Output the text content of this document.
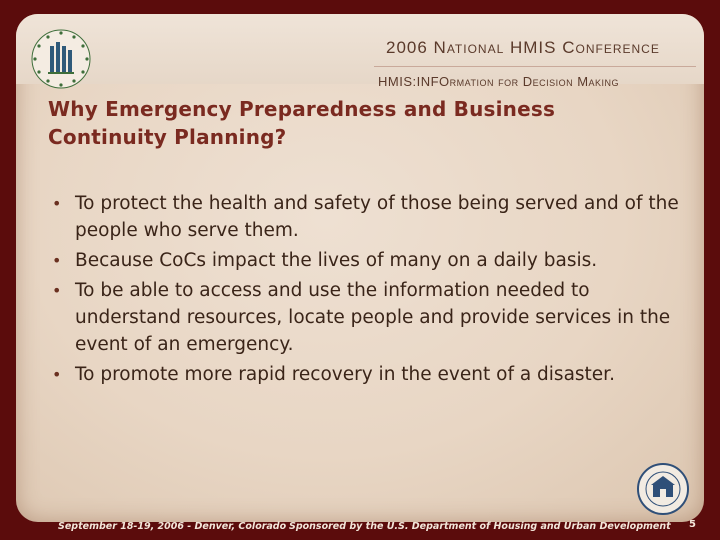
2006 National HMIS Conference
HMIS:INFOrmation for Decision Making
Why Emergency Preparedness and Business Continuity Planning?
• To protect the health and safety of those being served and of the people who serve them.
• Because CoCs impact the lives of many on a daily basis.
• To be able to access and use the information needed to understand resources, locate people and provide services in the event of an emergency.
• To promote more rapid recovery in the event of a disaster.
September 18-19, 2006 - Denver, Colorado Sponsored by the U.S. Department of Housing and Urban Development 5
